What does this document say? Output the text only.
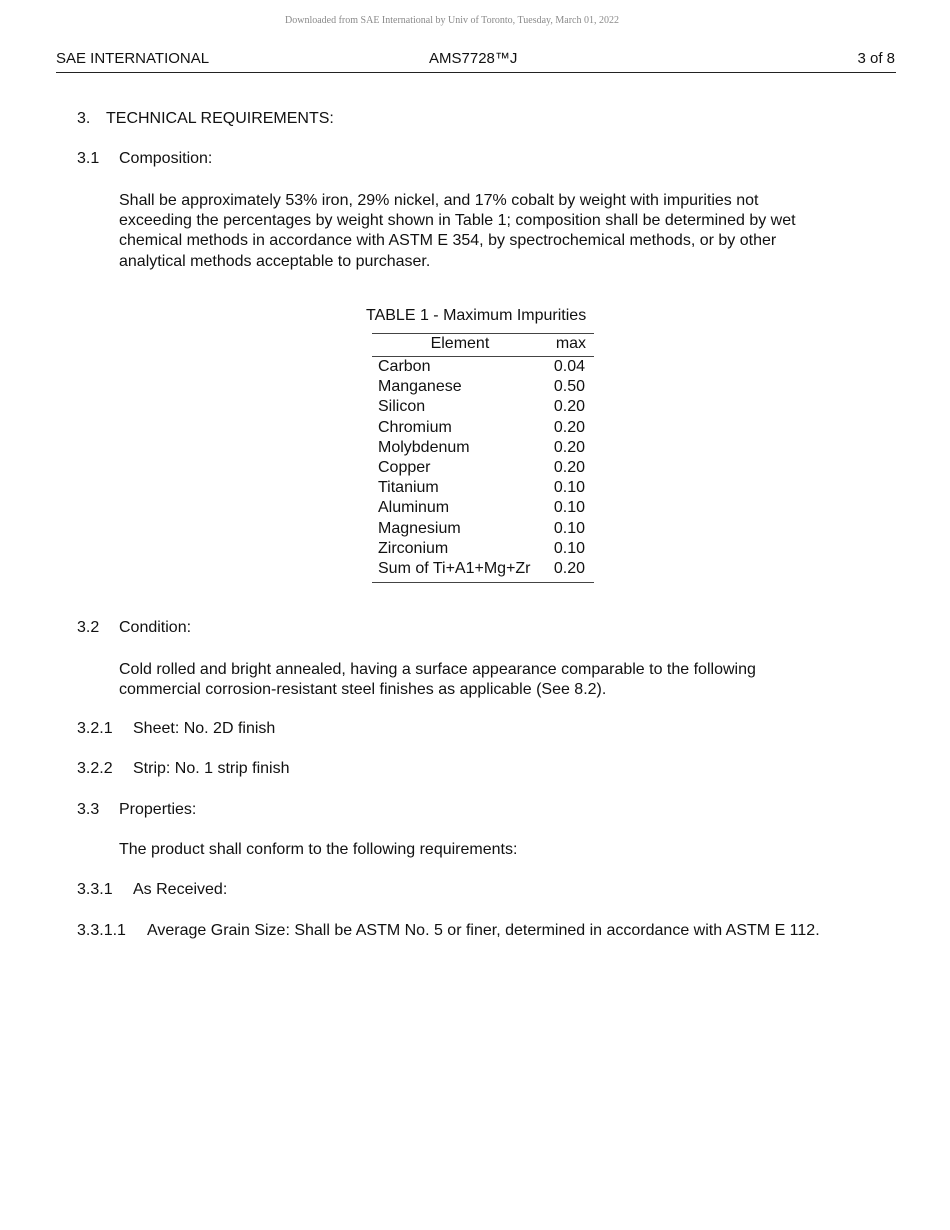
Downloaded from SAE International by Univ of Toronto, Tuesday, March 01, 2022
SAE INTERNATIONAL	AMS7728™J	3 of 8
3. TECHNICAL REQUIREMENTS:
3.1 Composition:
Shall be approximately 53% iron, 29% nickel, and 17% cobalt by weight with impurities not
exceeding the percentages by weight shown in Table 1; composition shall be determined by wet
chemical methods in accordance with ASTM E 354, by spectrochemical methods, or by other
analytical methods acceptable to purchaser.
TABLE 1 - Maximum Impurities
Element	max
Carbon	0.04
Manganese	0.50
Silicon	0.20
Chromium	0.20
Molybdenum	0.20
Copper	0.20
Titanium	0.10
Aluminum	0.10
Magnesium	0.10
Zirconium	0.10
Sum of Ti+A1+Mg+Zr	0.20
3.2 Condition:
Cold rolled and bright annealed, having a surface appearance comparable to the following
commercial corrosion-resistant steel finishes as applicable (See 8.2).
3.2.1 Sheet: No. 2D finish
3.2.2 Strip: No. 1 strip finish
3.3 Properties:
The product shall conform to the following requirements:
3.3.1 As Received:
3.3.1.1 Average Grain Size: Shall be ASTM No. 5 or finer, determined in accordance with ASTM E 112.
